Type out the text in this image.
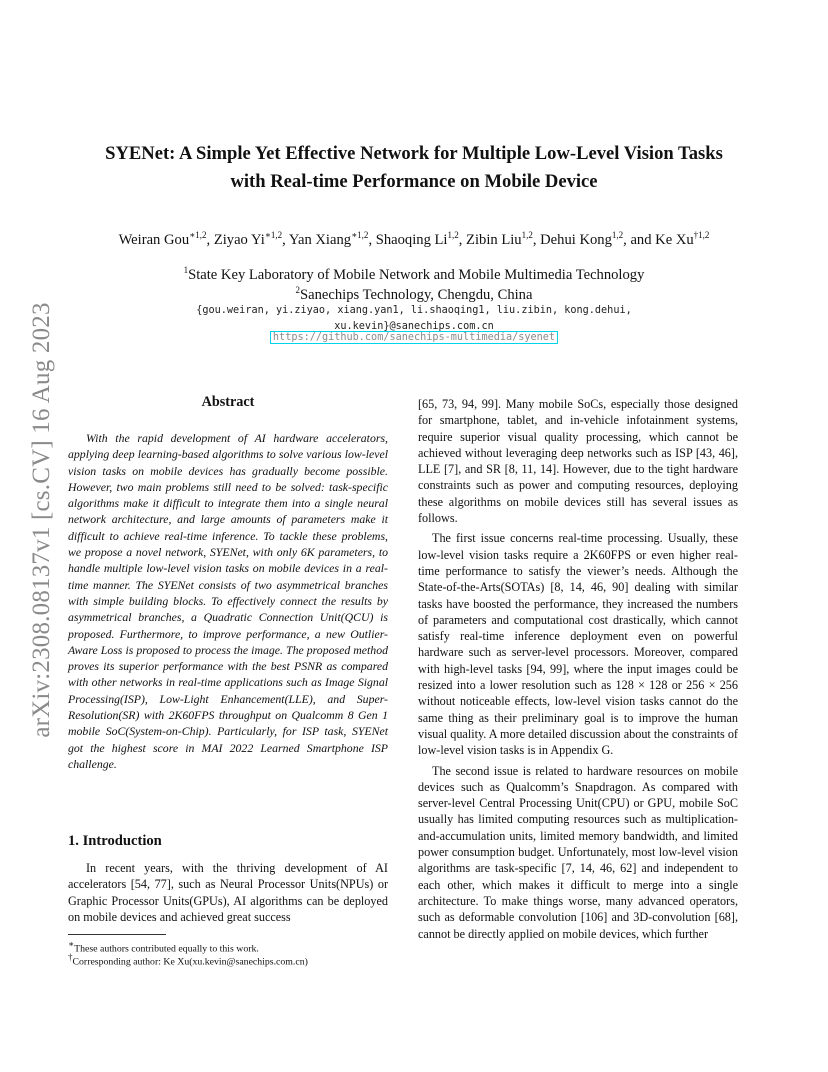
arXiv:2308.08137v1 [cs.CV] 16 Aug 2023
SYENet: A Simple Yet Effective Network for Multiple Low-Level Vision Tasks
with Real-time Performance on Mobile Device
Weiran Gou$^{∗1,2}$, Ziyao $Yi^{∗1,2}$, Yan Xiang$^{∗1,2}$, Shaoqing Li$^{1,2}$, Zibin Liu$^{1,2}$, Dehui Kong$^{1,2}$, and Ke Xu$^{\dagger 1,2}$
$^1$State Key Laboratory of Mobile Network and Mobile Multimedia Technology
$^2$Sanechips Technology, Chengdu, China
{gou.weiran, yi.ziyao, xiang.yan1, li.shaoqing1, liu.zibin, kong.dehui,
xu.kevin}@sanechips.com.cn
https://github.com/sanechips-multimedia/syenet
Abstract
With the rapid development of AI hardware accelerators, applying deep learning-based algorithms to solve various low-level vision tasks on mobile devices has gradually become possible. However, two main problems still need to be solved: task-specific algorithms make it difficult to integrate them into a single neural network architecture, and large amounts of parameters make it difficult to achieve real-time inference. To tackle these problems, we propose a novel network, SYENet, with only 6K parameters, to handle multiple low-level vision tasks on mobile devices in a real-time manner. The SYENet consists of two asymmetrical branches with simple building blocks. To effectively connect the results by asymmetrical branches, a Quadratic Connection Unit(QCU) is proposed. Furthermore, to improve performance, a new Outlier-Aware Loss is proposed to process the image. The proposed method proves its superior performance with the best PSNR as compared with other networks in real-time applications such as Image Signal Processing(ISP), Low-Light Enhancement(LLE), and Super-Resolution(SR) with 2K60FPS throughput on Qualcomm 8 Gen 1 mobile SoC(System-on-Chip). Particularly, for ISP task, SYENet got the highest score in MAI 2022 Learned Smartphone ISP challenge.
1. Introduction
In recent years, with the thriving development of AI accelerators [54, 77], such as Neural Processor Units(NPUs) or Graphic Processor Units(GPUs), AI algorithms can be deployed on mobile devices and achieved great success

[65, 73, 94, 99]. Many mobile SoCs, especially those designed for smartphone, tablet, and in-vehicle infotainment systems, require superior visual quality processing, which cannot be achieved without leveraging deep networks such as ISP [43, 46], LLE [7], and SR [8, 11, 14]. However, due to the tight hardware constraints such as power and computing resources, deploying these algorithms on mobile devices still has several issues as follows.

The first issue concerns real-time processing. Usually, these low-level vision tasks require a 2K60FPS or even higher real-time performance to satisfy the viewer’s needs. Although the State-of-the-Arts(SOTAs) [8, 14, 46, 90] dealing with similar tasks have boosted the performance, they increased the numbers of parameters and computational cost drastically, which cannot satisfy real-time inference deployment even on powerful hardware such as server-level processors. Moreover, compared with high-level tasks [94, 99], where the input images could be resized into a lower resolution such as 128 × 128 or 256 × 256 without noticeable effects, low-level vision tasks cannot do the same thing as their preliminary goal is to improve the human visual quality. A more detailed discussion about the constraints of low-level vision tasks is in Appendix G.

The second issue is related to hardware resources on mobile devices such as Qualcomm’s Snapdragon. As compared with server-level Central Processing Unit(CPU) or GPU, mobile SoC usually has limited computing resources such as multiplication-and-accumulation units, limited memory bandwidth, and limited power consumption budget. Unfortunately, most low-level vision algorithms are task-specific [7, 14, 46, 62] and independent to each other, which makes it difficult to merge into a single architecture. To make things worse, many advanced operators, such as deformable convolution [106] and 3D-convolution [68], cannot be directly applied on mobile devices, which further

∗These authors contributed equally to this work.
†Corresponding author: Ke Xu(xu.kevin@sanechips.com.cn)
